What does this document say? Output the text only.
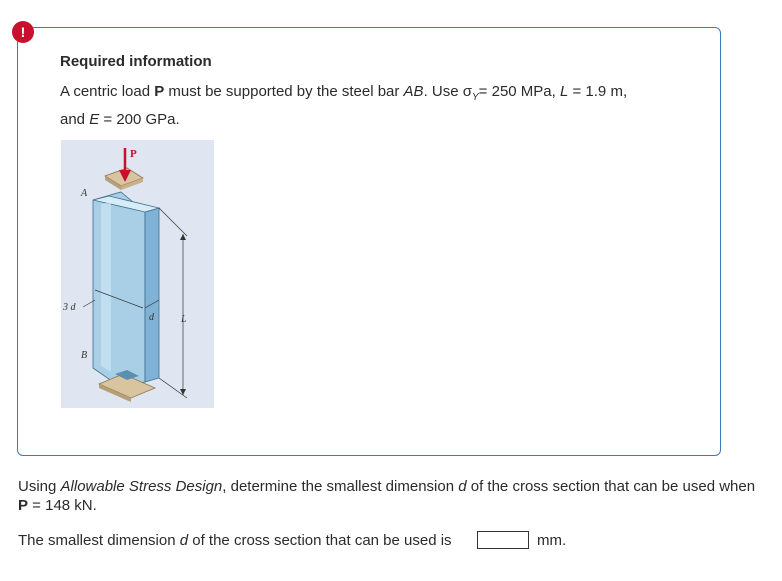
!
Required information
A centric load P must be supported by the steel bar AB. Use $\sigma_Y= 250$ MPa, L = 1.9 m,
and E = 200 GPa.
P
A
3 d
d	L
B
Using Allowable Stress Design, determine the smallest dimension d of the cross section that can be used when P = 148 kN.
The smallest dimension d of the cross section that can be used is	mm.
